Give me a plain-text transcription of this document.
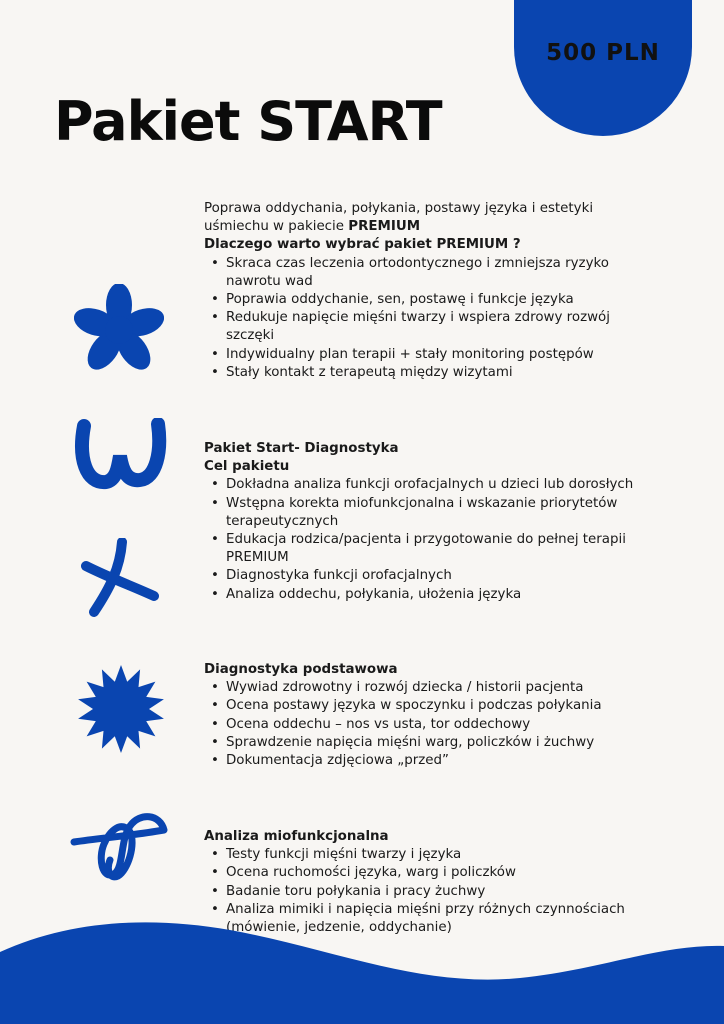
500 PLN
Pakiet START

Poprawa oddychania, połykania, postawy języka i estetyki uśmiechu w pakiecie PREMIUM

Dlaczego warto wybrać pakiet PREMIUM ?

• Skraca czas leczenia ortodontycznego i zmniejsza ryzyko nawrotu wad
• Poprawia oddychanie, sen, postawę i funkcje języka
• Redukuje napięcie mięśni twarzy i wspiera zdrowy rozwój szczęki
• Indywidualny plan terapii + stały monitoring postępów
• Stały kontakt z terapeutą między wizytami

Pakiet Start- Diagnostyka

Cel pakietu

• Dokładna analiza funkcji orofacjalnych u dzieci lub dorosłych
• Wstępna korekta miofunkcjonalna i wskazanie priorytetów terapeutycznych
• Edukacja rodzica/pacjenta i przygotowanie do pełnej terapii PREMIUM
• Diagnostyka funkcji orofacjalnych
• Analiza oddechu, połykania, ułożenia języka

Diagnostyka podstawowa

• Wywiad zdrowotny i rozwój dziecka / historii pacjenta
• Ocena postawy języka w spoczynku i podczas połykania
• Ocena oddechu – nos vs usta, tor oddechowy
• Sprawdzenie napięcia mięśni warg, policzków i żuchwy
• Dokumentacja zdjęciowa „przed”

Analiza miofunkcjonalna

• Testy funkcji mięśni twarzy i języka
• Ocena ruchomości języka, warg i policzków
• Badanie toru połykania i pracy żuchwy
• Analiza mimiki i napięcia mięśni przy różnych czynnościach (mówienie, jedzenie, oddychanie)
